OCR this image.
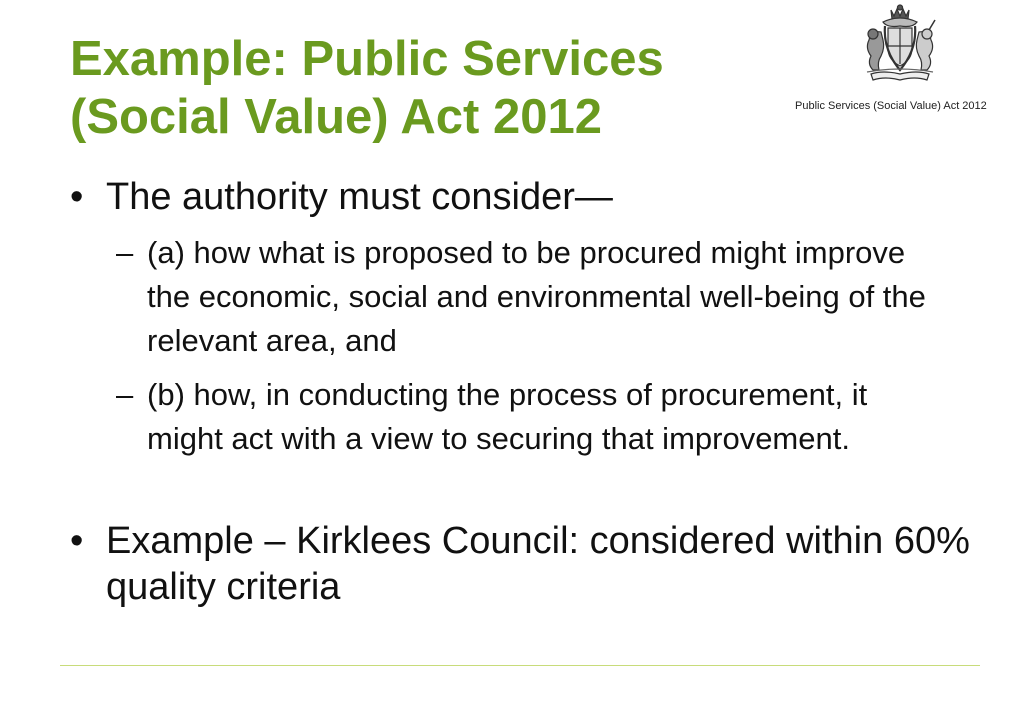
Example: Public Services
(Social Value) Act 2012	Public Services (Social Value) Act 2012
• The authority must consider—
– (a) how what is proposed to be procured might improve the economic, social and environmental well-being of the relevant area, and
– (b) how, in conducting the process of procurement, it might act with a view to securing that improvement.
• Example – Kirklees Council: considered within 60% quality criteria
